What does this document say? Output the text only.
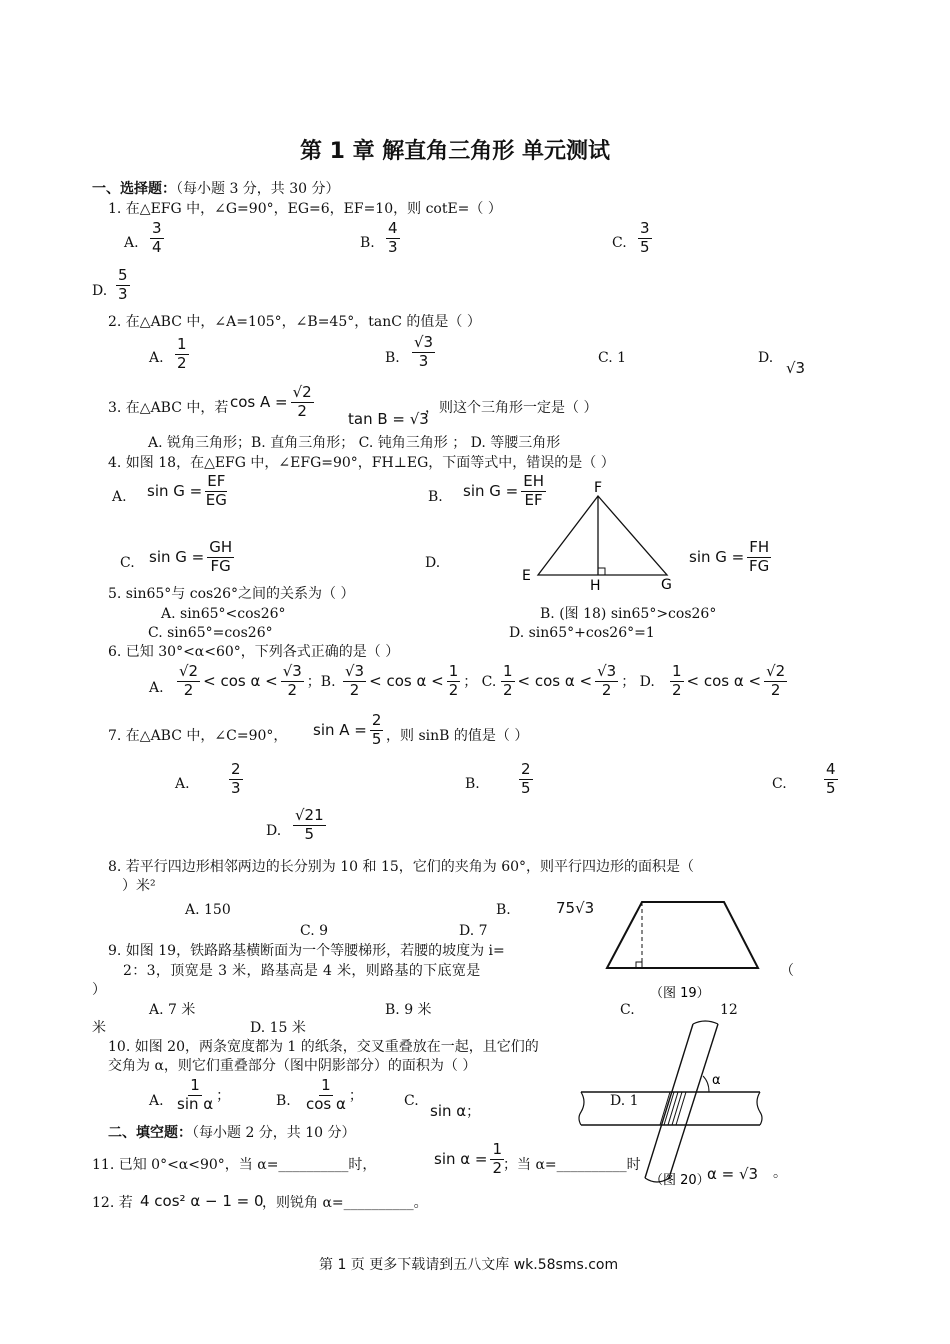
第 1 章 解直角三角形 单元测试
一、选择题：（每小题 3 分，共 30 分）
1. 在△EFG 中，∠G=90°，EG=6，EF=10，则 cotE=（ ）
A. $\frac{3}{4}$	B. $\frac{4}{3}$	C. $\frac{3}{5}$
D. $\frac{5}{3}$
2. 在△ABC 中，∠A=105°，∠B=45°，tanC 的值是（ ）
A. $\frac{1}{2}$	B. $\frac{√3}{3}$	C. 1	D.
√3
3. 在△ABC 中，若 $\cos A = \frac{√2}{2}$ tan B = √3
，则这个三角形一定是（ ）
A. 锐角三角形；B. 直角三角形； C. 钝角三角形 ； D. 等腰三角形
4. 如图 18，在△EFG 中，∠EFG=90°，FH⊥EG，下面等式中，错误的是（ ）
A. $\sin G = \frac{EF}{EG}$	B. $\sin G = \frac{EH}{EF}$
C. $\sin G = \frac{GH}{FG}$	D.	$\sin G = \frac{FH}{FG}$
F
E
H	G
5. sin65°与 cos26°之间的关系为（ ）
A. sin65°<cos26°	B. (图 18) sin65°>cos26°
C. sin65°=cos26°	D. sin65°+cos26°=1
6. 已知 30°<α<60°，下列各式正确的是（ ）
A. $\frac{√2}{2} < \cos \alpha < \frac{√3}{2}$ ；B. $\frac{√3}{2} < \cos \alpha < \frac{1}{2}$ ； C. $\frac{1}{2} < \cos \alpha < \frac{√3}{2}$ ； D. $\frac{1}{2} < \cos \alpha < \frac{√2}{2}$
7. 在△ABC 中，∠C=90°， $\sin A = \frac{2}{5}$ ，则 sinB 的值是（ ）
A.	$\frac{2}{3}$	B.	$\frac{2}{5}$	C. $\frac{4}{5}$
D. $\frac{√21}{5}$
8. 若平行四边形相邻两边的长分别为 10 和 15，它们的夹角为 60°，则平行四边形的面积是（
）米²
A. 150	B.	75√3
C. 9	D. 7
（图 19）
9. 如图 19，铁路路基横断面为一个等腰梯形，若腰的坡度为 i=
2：3，顶宽是 3 米，路基高是 4 米，则路基的下底宽是	（
）
A. 7 米	B. 9 米	C.	12
米	D. 15 米
α
（图 20）
10. 如图 20，两条宽度都为 1 的纸条，交叉重叠放在一起，且它们的
交角为 α，则它们重叠部分（图中阴影部分）的面积为（ ）
A. $\frac{1}{\text{sin α}}$ ；	B. $\frac{1}{\text{cos α}}$ ；	C.
sin α ；
D. 1
二、填空题：（每小题 2 分，共 10 分）
11. 已知 0°<α<90°，当 α=__________时，	$\sin \alpha = \frac{1}{2}$
；当 α=__________时	α = √3 。
12. 若 4 cos² α − 1 = 0
，则锐角 α=__________。
第 1 页 更多下载请到五八文库 wk.58sms.com
